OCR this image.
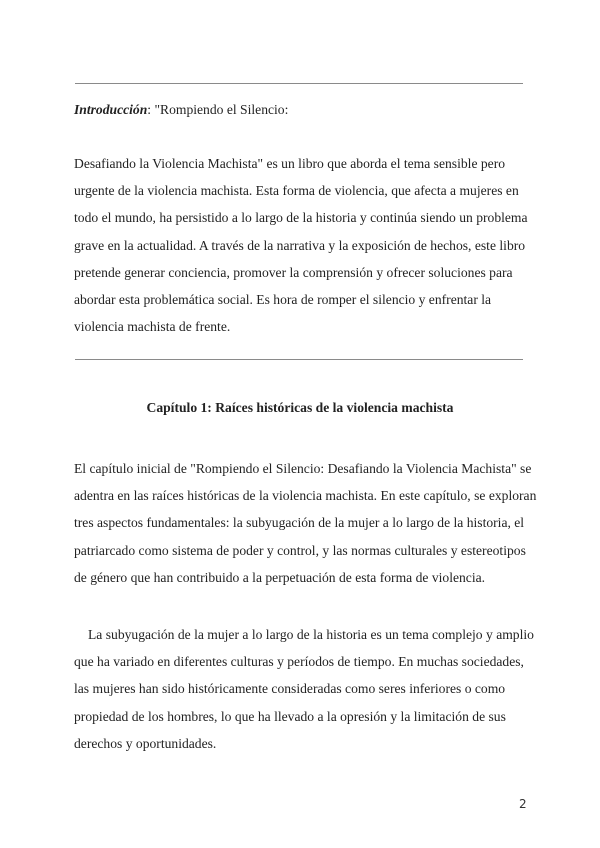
Introducción: "Rompiendo el Silencio:

Desafiando la Violencia Machista" es un libro que aborda el tema sensible pero
urgente de la violencia machista. Esta forma de violencia, que afecta a mujeres en
todo el mundo, ha persistido a lo largo de la historia y continúa siendo un problema
grave en la actualidad. A través de la narrativa y la exposición de hechos, este libro
pretende generar conciencia, promover la comprensión y ofrecer soluciones para
abordar esta problemática social. Es hora de romper el silencio y enfrentar la
violencia machista de frente.

Capítulo 1: Raíces históricas de la violencia machista

El capítulo inicial de "Rompiendo el Silencio: Desafiando la Violencia Machista" se
adentra en las raíces históricas de la violencia machista. En este capítulo, se exploran
tres aspectos fundamentales: la subyugación de la mujer a lo largo de la historia, el
patriarcado como sistema de poder y control, y las normas culturales y estereotipos
de género que han contribuido a la perpetuación de esta forma de violencia.

La subyugación de la mujer a lo largo de la historia es un tema complejo y amplio
que ha variado en diferentes culturas y períodos de tiempo. En muchas sociedades,
las mujeres han sido históricamente consideradas como seres inferiores o como
propiedad de los hombres, lo que ha llevado a la opresión y la limitación de sus
derechos y oportunidades.

2
